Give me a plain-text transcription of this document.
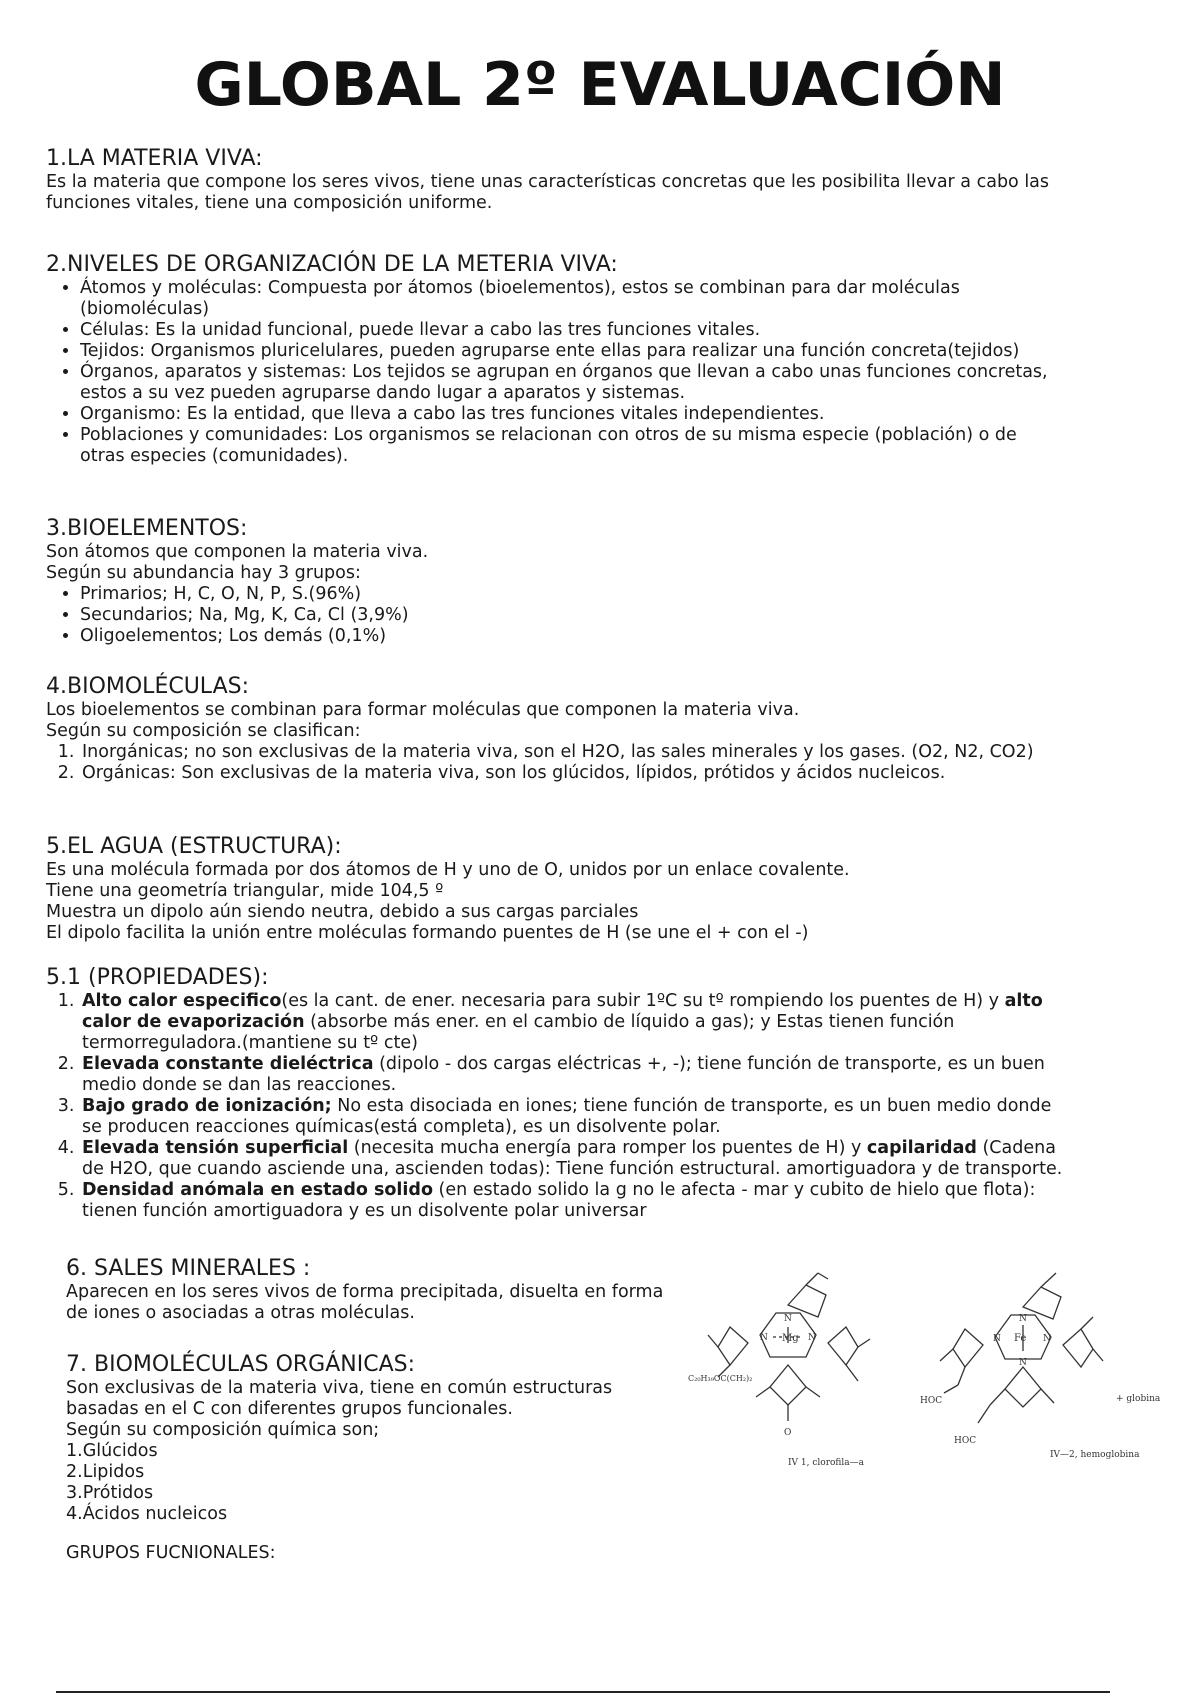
GLOBAL 2º EVALUACIÓN
1.LA MATERIA VIVA:

Es la materia que compone los seres vivos, tiene unas características concretas que les posibilita llevar a cabo las funciones vitales, tiene una composición uniforme.

2.NIVELES DE ORGANIZACIÓN DE LA METERIA VIVA:
• Átomos y moléculas: Compuesta por átomos (bioelementos), estos se combinan para dar moléculas (biomoléculas)
• Células: Es la unidad funcional, puede llevar a cabo las tres funciones vitales.
• Tejidos: Organismos pluricelulares, pueden agruparse ente ellas para realizar una función concreta(tejidos)
• Órganos, aparatos y sistemas: Los tejidos se agrupan en órganos que llevan a cabo unas funciones concretas, estos a su vez pueden agruparse dando lugar a aparatos y sistemas.
• Organismo: Es la entidad, que lleva a cabo las tres funciones vitales independientes.
• Poblaciones y comunidades: Los organismos se relacionan con otros de su misma especie (población) o de otras especies (comunidades).
3.BIOELEMENTOS:

Son átomos que componen la materia viva.

Según su abundancia hay 3 grupos:

• Primarios; H, C, O, N, P, S.(96%)
• Secundarios; Na, Mg, K, Ca, Cl (3,9%)
• Oligoelementos; Los demás (0,1%)
4.BIOMOLÉCULAS:

Los bioelementos se combinan para formar moléculas que componen la materia viva.

Según su composición se clasifican:

1. Inorgánicas; no son exclusivas de la materia viva, son el H2O, las sales minerales y los gases. (O2, N2, CO2)
2. Orgánicas: Son exclusivas de la materia viva, son los glúcidos, lípidos, prótidos y ácidos nucleicos.
5.EL AGUA (ESTRUCTURA):

Es una molécula formada por dos átomos de H y uno de O, unidos por un enlace covalente.

Tiene una geometría triangular, mide 104,5 º

Muestra un dipolo aún siendo neutra, debido a sus cargas parciales

El dipolo facilita la unión entre moléculas formando puentes de H (se une el + con el -)

5.1 (PROPIEDADES):
1. Alto calor especifico(es la cant. de ener. necesaria para subir 1ºC su tº rompiendo los puentes de H) y alto calor de evaporización (absorbe más ener. en el cambio de líquido a gas); y Estas tienen función termorreguladora.(mantiene su tº cte)
2. Elevada constante dieléctrica (dipolo - dos cargas eléctricas +, -); tiene función de transporte, es un buen medio donde se dan las reacciones.
3. Bajo grado de ionización; No esta disociada en iones; tiene función de transporte, es un buen medio donde se producen reacciones químicas(está completa), es un disolvente polar.
4. Elevada tensión superficial (necesita mucha energía para romper los puentes de H) y capilaridad (Cadena de H2O, que cuando asciende una, ascienden todas): Tiene función estructural. amortiguadora y de transporte.
5. Densidad anómala en estado solido (en estado solido la g no le afecta - mar y cubito de hielo que flota): tienen función amortiguadora y es un disolvente polar universar
6. SALES MINERALES :

Aparecen en los seres vivos de forma precipitada, disuelta en forma de iones o asociadas a otras moléculas.

7. BIOMOLÉCULAS ORGÁNICAS:

Son exclusivas de la materia viva, tiene en común estructuras basadas en el C con diferentes grupos funcionales.

Según su composición química son;

1.Glúcidos

2.Lipidos

3.Prótidos

4.Ácidos nucleicos

GRUPOS FUCNIONALES:

Mg
N	N
N
C₂₀H₃₉OC(CH₂)₂
O
Fe
N	N
N
N
HOC
HOC
+ globina
IV 1, clorofila—a
IV—2, hemoglobina
